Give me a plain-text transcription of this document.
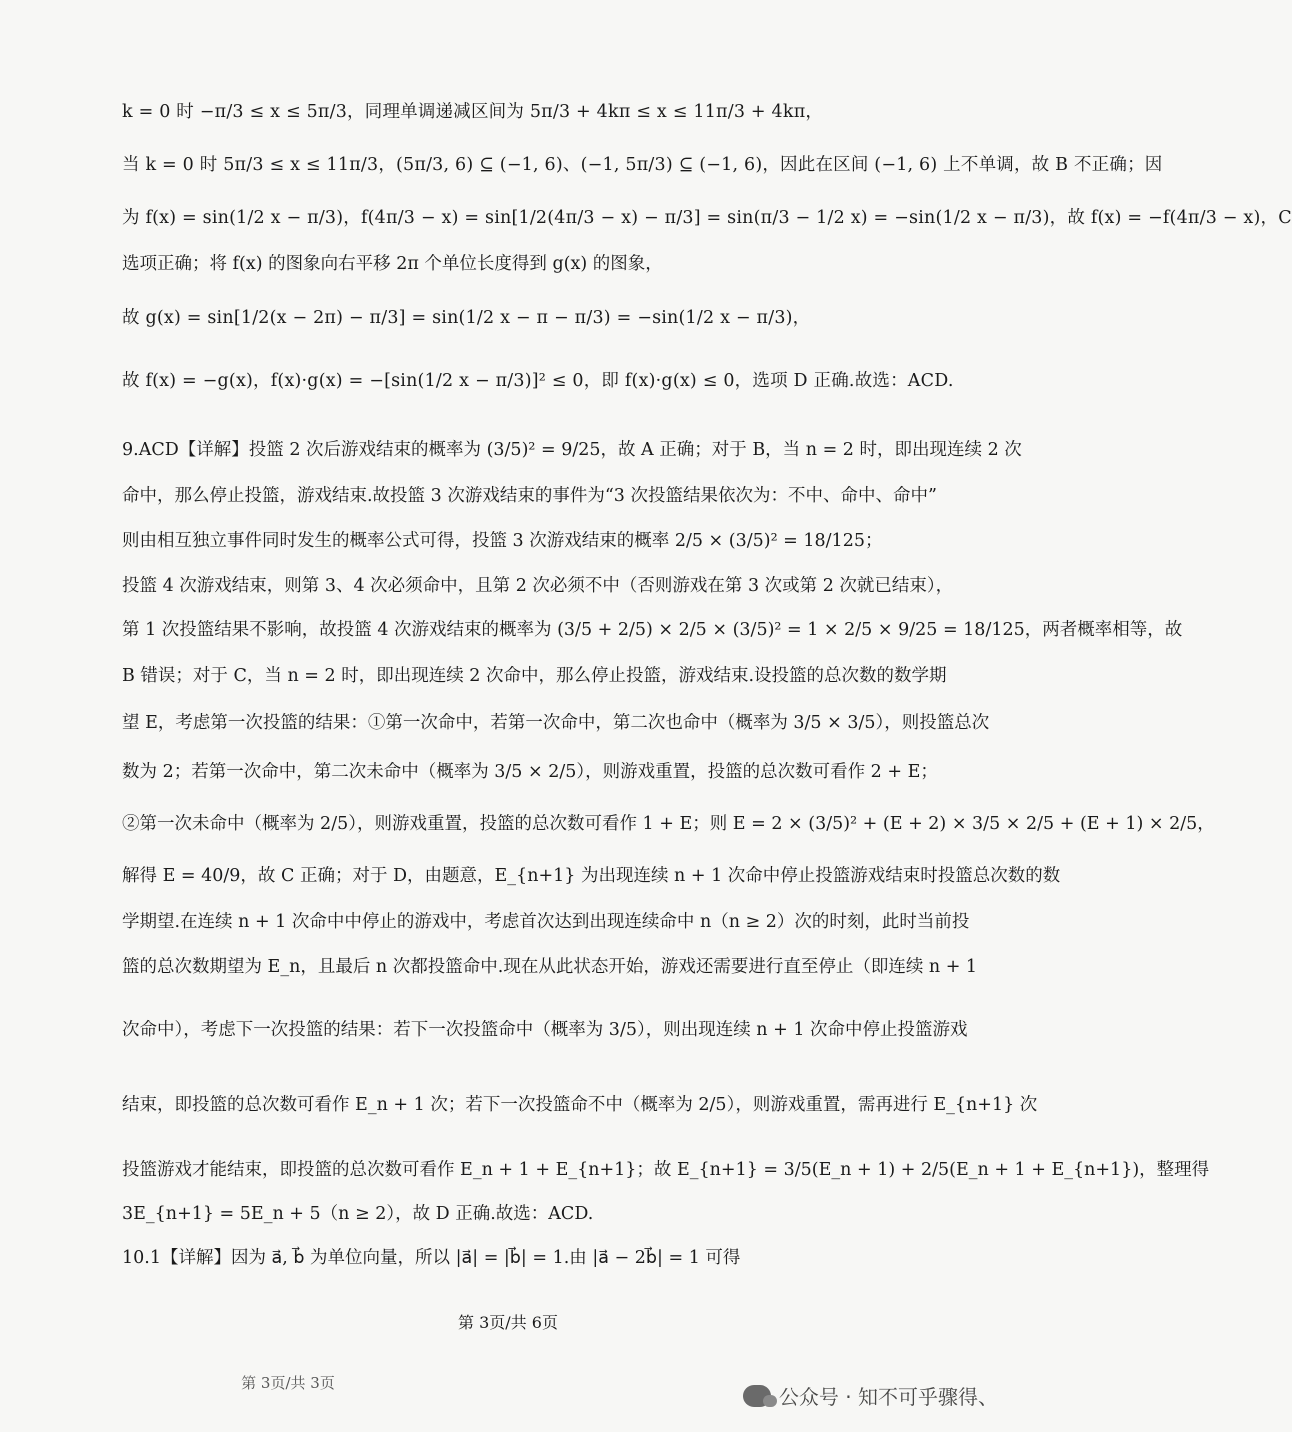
k = 0 时 −π/3 ≤ x ≤ 5π/3，同理单调递减区间为 5π/3 + 4kπ ≤ x ≤ 11π/3 + 4kπ，
当 k = 0 时 5π/3 ≤ x ≤ 11π/3，(5π/3, 6) ⊆ (−1, 6)、(−1, 5π/3) ⊆ (−1, 6)，因此在区间 (−1, 6) 上不单调，故 B 不正确；因
为 f(x) = sin(1/2 x − π/3)，f(4π/3 − x) = sin[1/2(4π/3 − x) − π/3] = sin(π/3 − 1/2 x) = −sin(1/2 x − π/3)，故 f(x) = −f(4π/3 − x)，C
选项正确；将 f(x) 的图象向右平移 2π 个单位长度得到 g(x) 的图象，
故 g(x) = sin[1/2(x − 2π) − π/3] = sin(1/2 x − π − π/3) = −sin(1/2 x − π/3)，
故 f(x) = −g(x)，f(x)·g(x) = −[sin(1/2 x − π/3)]² ≤ 0，即 f(x)·g(x) ≤ 0，选项 D 正确.故选：ACD.
9.ACD【详解】投篮 2 次后游戏结束的概率为 (3/5)² = 9/25，故 A 正确；对于 B，当 n = 2 时，即出现连续 2 次
命中，那么停止投篮，游戏结束.故投篮 3 次游戏结束的事件为“3 次投篮结果依次为：不中、命中、命中”
则由相互独立事件同时发生的概率公式可得，投篮 3 次游戏结束的概率 2/5 × (3/5)² = 18/125；
投篮 4 次游戏结束，则第 3、4 次必须命中，且第 2 次必须不中（否则游戏在第 3 次或第 2 次就已结束），
第 1 次投篮结果不影响，故投篮 4 次游戏结束的概率为 (3/5 + 2/5) × 2/5 × (3/5)² = 1 × 2/5 × 9/25 = 18/125，两者概率相等，故
B 错误；对于 C，当 n = 2 时，即出现连续 2 次命中，那么停止投篮，游戏结束.设投篮的总次数的数学期
望 E，考虑第一次投篮的结果：①第一次命中，若第一次命中，第二次也命中（概率为 3/5 × 3/5），则投篮总次
数为 2；若第一次命中，第二次未命中（概率为 3/5 × 2/5），则游戏重置，投篮的总次数可看作 2 + E；
②第一次未命中（概率为 2/5），则游戏重置，投篮的总次数可看作 1 + E；则 E = 2 × (3/5)² + (E + 2) × 3/5 × 2/5 + (E + 1) × 2/5，
解得 E = 40/9，故 C 正确；对于 D，由题意，E_{n+1} 为出现连续 n + 1 次命中停止投篮游戏结束时投篮总次数的数
学期望.在连续 n + 1 次命中中停止的游戏中，考虑首次达到出现连续命中 n（n ≥ 2）次的时刻，此时当前投
篮的总次数期望为 E_n，且最后 n 次都投篮命中.现在从此状态开始，游戏还需要进行直至停止（即连续 n + 1
次命中），考虑下一次投篮的结果：若下一次投篮命中（概率为 3/5），则出现连续 n + 1 次命中停止投篮游戏
结束，即投篮的总次数可看作 E_n + 1 次；若下一次投篮命不中（概率为 2/5），则游戏重置，需再进行 E_{n+1} 次
投篮游戏才能结束，即投篮的总次数可看作 E_n + 1 + E_{n+1}；故 E_{n+1} = 3/5(E_n + 1) + 2/5(E_n + 1 + E_{n+1})，整理得
3E_{n+1} = 5E_n + 5（n ≥ 2），故 D 正确.故选：ACD.
10.1【详解】因为 a⃗, b⃗ 为单位向量，所以 |a⃗| = |b⃗| = 1.由 |a⃗ − 2b⃗| = 1 可得
第 3页/共 6页
第 3页/共 3页
公众号 · 知不可乎骤得、
